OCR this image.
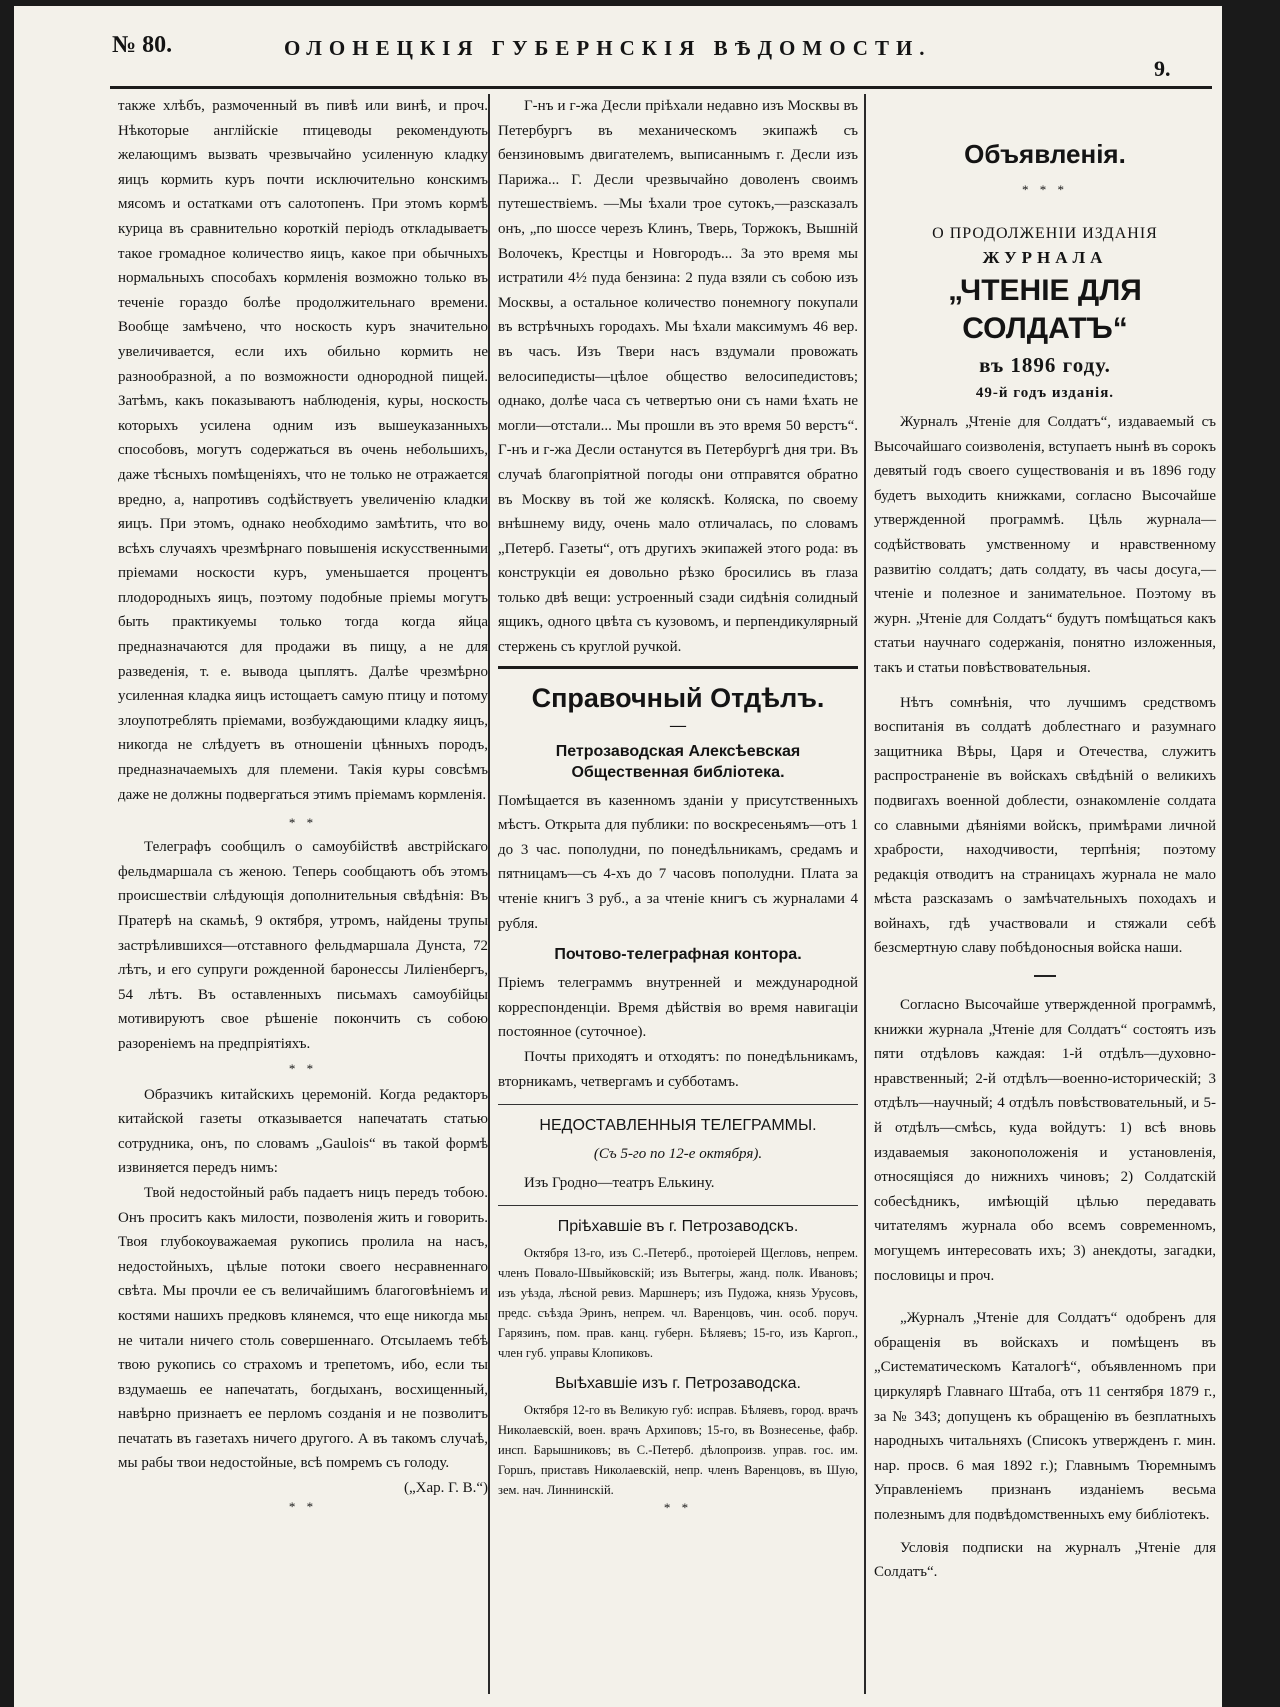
№ 80.	ОЛОНЕЦКІЯ ГУБЕРНСКІЯ ВѢДОМОСТИ.
9.

также хлѣбъ, размоченный въ пивѣ или винѣ, и проч. Нѣкоторые англійскіе птицеводы рекомендують желающимъ вызвать чрезвычайно усиленную кладку яицъ кормить куръ почти исключительно конскимъ мясомъ и остатками отъ салотопенъ. При этомъ кормѣ курица въ сравнительно короткій періодъ откладываетъ такое громадное количество яицъ, какое при обычныхъ нормальныхъ способахъ кормленія возможно только въ теченіе гораздо болѣе продолжительнаго времени. Вообще замѣчено, что носкость куръ значительно увеличивается, если ихъ обильно кормить не разнообразной, а по возможности однородной пищей. Затѣмъ, какъ показываютъ наблюденія, куры, носкость которыхъ усилена одним изъ вышеуказанныхъ способовъ, могутъ содержаться въ очень небольшихъ, даже тѣсныхъ помѣщеніяхъ, что не только не отражается вредно, а, напротивъ содѣйствуетъ увеличенію кладки яицъ. При этомъ, однако необходимо замѣтить, что во всѣхъ случаяхъ чрезмѣрнаго повышенія искусственными пріемами носкости куръ, уменьшается процентъ плодородныхъ яицъ, поэтому подобные пріемы могутъ быть практикуемы только тогда когда яйца предназначаются для продажи въ пищу, а не для разведенія, т. е. вывода цыплятъ. Далѣе чрезмѣрно усиленная кладка яицъ истощаетъ самую птицу и потому злоупотреблять пріемами, возбуждающими кладку яицъ, никогда не слѣдуетъ въ отношеніи цѣнныхъ породъ, предназначаемыхъ для племени. Такія куры совсѣмъ даже не должны подвергаться этимъ пріемамъ кормленія.

* *

Телеграфъ сообщилъ о самоубійствѣ австрійскаго фельдмаршала съ женою. Теперь сообщаютъ объ этомъ происшествіи слѣдующія дополнительныя свѣдѣнія: Въ Пратерѣ на скамьѣ, 9 октября, утромъ, найдены трупы застрѣлившихся—отставного фельдмаршала Дунста, 72 лѣтъ, и его супруги рожденной баронессы Лиліенбергъ, 54 лѣтъ. Въ оставленныхъ письмахъ самоубійцы мотивируютъ свое рѣшеніе покончить съ собою разореніемъ на предпріятіяхъ.

* *

Образчикъ китайскихъ церемоній. Когда редакторъ китайской газеты отказывается напечатать статью сотрудника, онъ, по словамъ „Gaulois“ въ такой формѣ извиняется передъ нимъ:

Твой недостойный рабъ падаетъ ницъ передъ тобою. Онъ проситъ какъ милости, позволенія жить и говорить. Твоя глубокоуважаемая рукопись пролила на насъ, недостойныхъ, цѣлые потоки своего несравненнаго свѣта. Мы прочли ее съ величайшимъ благоговѣніемъ и костями нашихъ предковъ клянемся, что еще никогда мы не читали ничего столь совершеннаго. Отсылаемъ тебѣ твою рукопись со страхомъ и трепетомъ, ибо, если ты вздумаешь ее напечатать, богдыханъ, восхищенный, навѣрно признаетъ ее перломъ созданія и не позволитъ печатать въ газетахъ ничего другого. А въ такомъ случаѣ, мы рабы твои недостойные, всѣ помремъ съ голоду.

(„Хар. Г. В.“)

* *

Г-нъ и г-жа Десли пріѣхали недавно изъ Москвы въ Петербургъ въ механическомъ экипажѣ съ бензиновымъ двигателемъ, выписаннымъ г. Десли изъ Парижа... Г. Десли чрезвычайно доволенъ своимъ путешествіемъ. —Мы ѣхали трое сутокъ,—разсказалъ онъ, „по шоссе черезъ Клинъ, Тверь, Торжокъ, Вышній Волочекъ, Крестцы и Новгородъ... За это время мы истратили 4½ пуда бензина: 2 пуда взяли съ собою изъ Москвы, а остальное количество понемногу покупали въ встрѣчныхъ городахъ. Мы ѣхали максимумъ 46 вер. въ часъ. Изъ Твери насъ вздумали провожать велосипедисты—цѣлое общество велосипедистовъ; однако, долѣе часа съ четвертью они съ нами ѣхать не могли—отстали... Мы прошли въ это время 50 верстъ“. Г-нъ и г-жа Десли останутся въ Петербургѣ дня три. Въ случаѣ благопріятной погоды они отправятся обратно въ Москву въ той же коляскѣ. Коляска, по своему внѣшнему виду, очень мало отличалась, по словамъ „Петерб. Газеты“, отъ другихъ экипажей этого рода: въ конструкціи ея довольно рѣзко бросились въ глаза только двѣ вещи: устроенный сзади сидѣнія солидный ящикъ, одного цвѣта съ кузовомъ, и перпендикулярный стержень съ круглой ручкой.

Справочный Отдѣлъ.

—

Петрозаводская Алексѣевская Общественная библіотека.

Помѣщается въ казенномъ зданіи у присутственныхъ мѣстъ. Открыта для публики: по воскресеньямъ—отъ 1 до 3 час. пополудни, по понедѣльникамъ, средамъ и пятницамъ—съ 4-хъ до 7 часовъ пополудни. Плата за чтеніе книгъ 3 руб., а за чтеніе книгъ съ журналами 4 рубля.

Почтово-телеграфная контора.

Пріемъ телеграммъ внутренней и международной корреспонденціи. Время дѣйствія во время навигаціи постоянное (суточное).

Почты приходятъ и отходятъ: по понедѣльникамъ, вторникамъ, четвергамъ и субботамъ.

НЕДОСТАВЛЕННЫЯ ТЕЛЕГРАММЫ.

(Съ 5-го по 12-е октября).

Изъ Гродно—театръ Елькину.

Пріѣхавшіе въ г. Петрозаводскъ.

Октября 13-го, изъ С.-Петерб., протоіерей Щегловъ, непрем. членъ Повало-Швыйковскій; изъ Вытегры, жанд. полк. Ивановъ; изъ уѣзда, лѣсной ревиз. Маршнеръ; изъ Пудожа, князь Урусовъ, предс. съѣзда Эринъ, непрем. чл. Варенцовъ, чин. особ. поруч. Гарязинъ, пом. прав. канц. губерн. Бѣляевъ; 15-го, изъ Каргоп., член губ. управы Клопиковъ.

Выѣхавшіе изъ г. Петрозаводска.

Октября 12-го въ Великую губ: исправ. Бѣляевъ, город. врачъ Николаевскій, воен. врачъ Архиповъ; 15-го, въ Вознесенье, фабр. инсп. Барышниковъ; въ С.-Петерб. дѣлопроизв. управ. гос. им. Горшъ, приставъ Николаевскій, непр. членъ Варенцовъ, въ Шую, зем. нач. Линнинскій.

* *

Объявленія.

* * *

О ПРОДОЛЖЕНІИ ИЗДАНІЯ

ЖУРНАЛА

„ЧТЕНІЕ ДЛЯ СОЛДАТЪ“

въ 1896 году.

49-й годъ изданія.

Журналъ „Чтеніе для Солдатъ“, издаваемый съ Высочайшаго соизволенія, вступаетъ нынѣ въ сорокъ девятый годъ своего существованія и въ 1896 году будетъ выходить книжками, согласно Высочайше утвержденной программѣ. Цѣль журнала—содѣйствовать умственному и нравственному развитію солдатъ; дать солдату, въ часы досуга,—чтеніе и полезное и занимательное. Поэтому въ журн. „Чтеніе для Солдатъ“ будутъ помѣщаться какъ статьи научнаго содержанія, понятно изложенныя, такъ и статьи повѣствовательныя.

Нѣтъ сомнѣнія, что лучшимъ средствомъ воспитанія въ солдатѣ доблестнаго и разумнаго защитника Вѣры, Царя и Отечества, служитъ распространеніе въ войскахъ свѣдѣній о великихъ подвигахъ военной доблести, ознакомленіе солдата со славными дѣяніями войскъ, примѣрами личной храбрости, находчивости, терпѣнія; поэтому редакція отводитъ на страницахъ журнала не мало мѣста разсказамъ о замѣчательныхъ походахъ и войнахъ, гдѣ участвовали и стяжали себѣ безсмертную славу побѣдоносныя войска наши.

Согласно Высочайше утвержденной программѣ, книжки журнала „Чтеніе для Солдатъ“ состоятъ изъ пяти отдѣловъ каждая: 1-й отдѣлъ—духовно-нравственный; 2-й отдѣлъ—военно-историческій; 3 отдѣлъ—научный; 4 отдѣлъ повѣствовательный, и 5-й отдѣлъ—смѣсь, куда войдутъ: 1) всѣ вновь издаваемыя законоположенія и установленія, относящіяся до нижнихъ чиновъ; 2) Солдатскій собесѣдникъ, имѣющій цѣлью передавать читателямъ журнала обо всемъ современномъ, могущемъ интересовать ихъ; 3) анекдоты, загадки, пословицы и проч.

„Журналъ „Чтеніе для Солдатъ“ одобренъ для обращенія въ войскахъ и помѣщенъ въ „Систематическомъ Каталогѣ“, объявленномъ при циркулярѣ Главнаго Штаба, отъ 11 сентября 1879 г., за № 343; допущенъ къ обращенію въ безплатныхъ народныхъ читальняхъ (Списокъ утвержденъ г. мин. нар. просв. 6 мая 1892 г.); Главнымъ Тюремнымъ Управленіемъ признанъ изданіемъ весьма полезнымъ для подвѣдомственныхъ ему библіотекъ.

Условія подписки на журналъ „Чтеніе для Солдатъ“.
